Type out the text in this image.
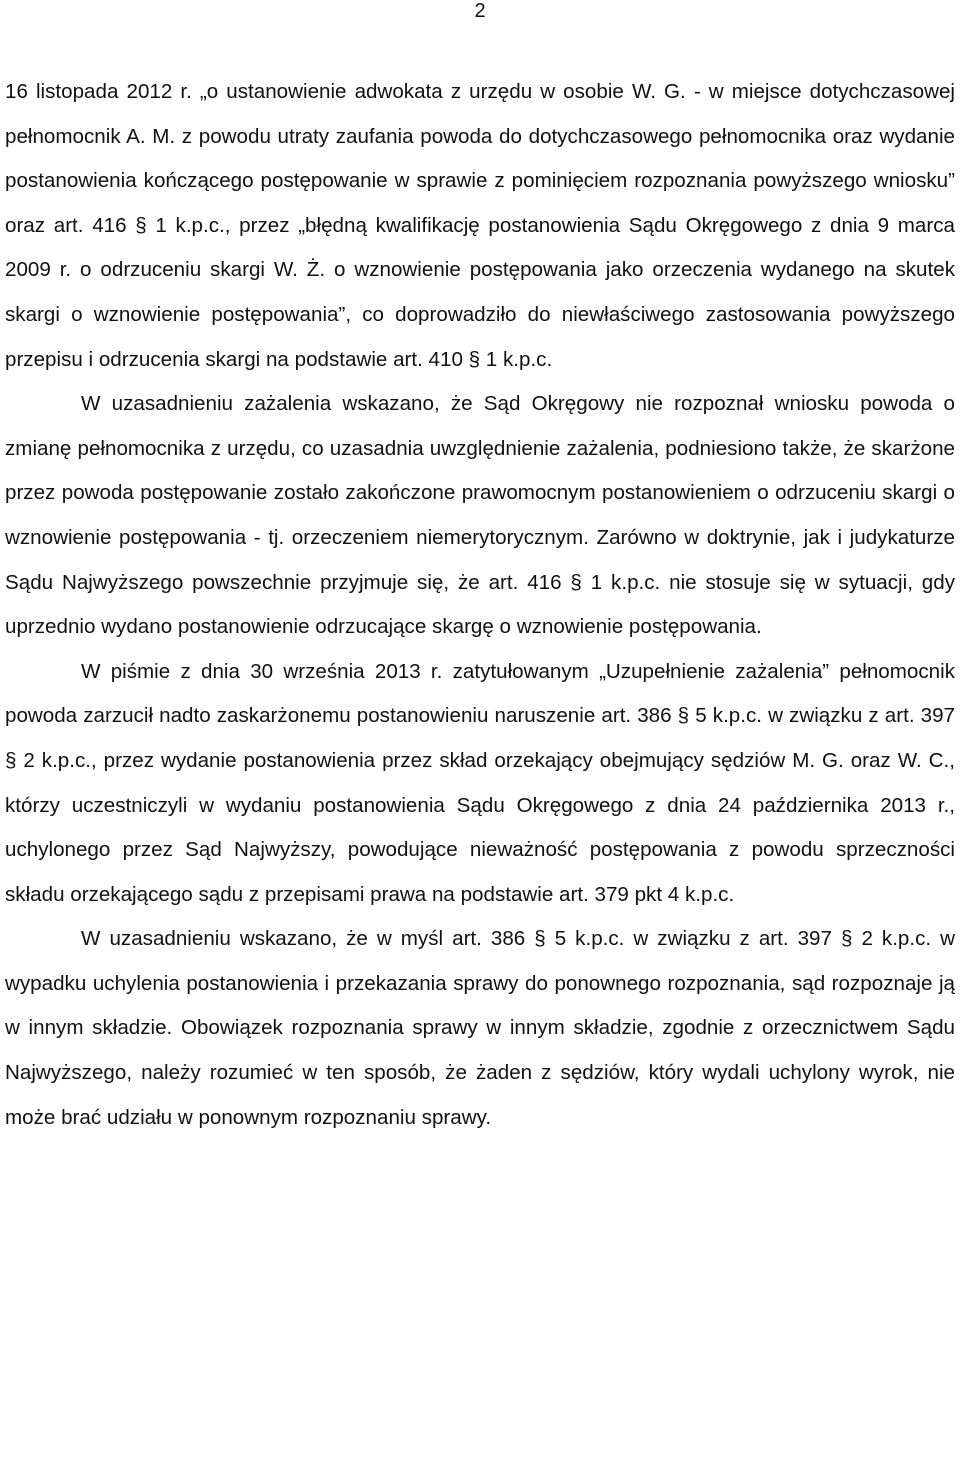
2

16 listopada 2012 r. „o ustanowienie adwokata z urzędu w osobie W. G. - w miejsce dotychczasowej pełnomocnik A. M. z powodu utraty zaufania powoda do dotychczasowego pełnomocnika oraz wydanie postanowienia kończącego postępowanie w sprawie z pominięciem rozpoznania powyższego wniosku” oraz art. 416 § 1 k.p.c., przez „błędną kwalifikację postanowienia Sądu Okręgowego z dnia 9 marca 2009 r. o odrzuceniu skargi W. Ż. o wznowienie postępowania jako orzeczenia wydanego na skutek skargi o wznowienie postępowania”, co doprowadziło do niewłaściwego zastosowania powyższego przepisu i odrzucenia skargi na podstawie art. 410 § 1 k.p.c.

W uzasadnieniu zażalenia wskazano, że Sąd Okręgowy nie rozpoznał wniosku powoda o zmianę pełnomocnika z urzędu, co uzasadnia uwzględnienie zażalenia, podniesiono także, że skarżone przez powoda postępowanie zostało zakończone prawomocnym postanowieniem o odrzuceniu skargi o wznowienie postępowania - tj. orzeczeniem niemerytorycznym. Zarówno w doktrynie, jak i judykaturze Sądu Najwyższego powszechnie przyjmuje się, że art. 416 § 1 k.p.c. nie stosuje się w sytuacji, gdy uprzednio wydano postanowienie odrzucające skargę o wznowienie postępowania.

W piśmie z dnia 30 września 2013 r. zatytułowanym „Uzupełnienie zażalenia” pełnomocnik powoda zarzucił nadto zaskarżonemu postanowieniu naruszenie art. 386 § 5 k.p.c. w związku z art. 397 § 2 k.p.c., przez wydanie postanowienia przez skład orzekający obejmujący sędziów M. G. oraz W. C., którzy uczestniczyli w wydaniu postanowienia Sądu Okręgowego z dnia 24 października 2013 r., uchylonego przez Sąd Najwyższy, powodujące nieważność postępowania z powodu sprzeczności składu orzekającego sądu z przepisami prawa na podstawie art. 379 pkt 4 k.p.c.

W uzasadnieniu wskazano, że w myśl art. 386 § 5 k.p.c. w związku z art. 397 § 2 k.p.c. w wypadku uchylenia postanowienia i przekazania sprawy do ponownego rozpoznania, sąd rozpoznaje ją w innym składzie. Obowiązek rozpoznania sprawy w innym składzie, zgodnie z orzecznictwem Sądu Najwyższego, należy rozumieć w ten sposób, że żaden z sędziów, który wydali uchylony wyrok, nie może brać udziału w ponownym rozpoznaniu sprawy.
